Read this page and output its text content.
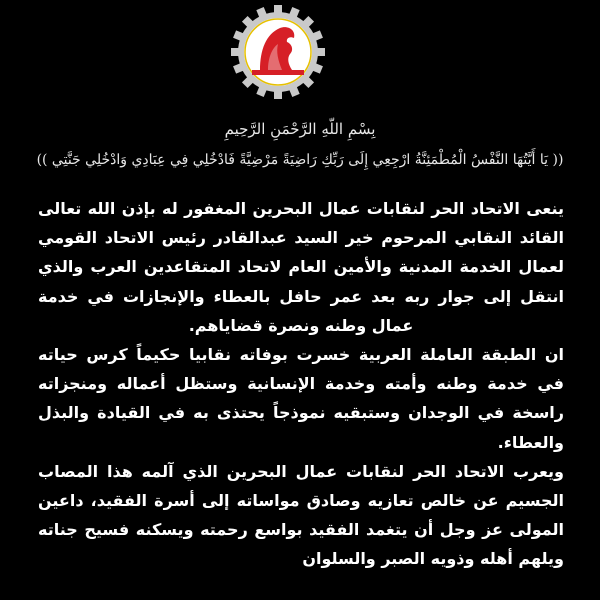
بِسْمِ اللّهِ الرَّحْمَنِ الرَّحِيمِ
(( يَا أَيَّتُهَا النَّفْسُ الْمُطْمَئِنَّةُ ارْجِعِي إِلَى رَبِّكِ رَاضِيَةً مَرْضِيَّةً فَادْخُلِي فِي عِبَادِي وَادْخُلِي جَنَّتِي ))

ينعى الاتحاد الحر لنقابات عمال البحرين المغفور له بإذن الله تعالى القائد النقابي المرحوم خير السيد عبدالقادر رئيس الاتحاد القومي لعمال الخدمة المدنية والأمين العام لاتحاد المتقاعدين العرب والذي انتقل إلى جوار ربه بعد عمر حافل بالعطاء والإنجازات في خدمة عمال وطنه ونصرة قضاياهم.

ان الطبقة العاملة العربية خسرت بوفاته نقابيا حكيماً كرس حياته في خدمة وطنه وأمته وخدمة الإنسانية وستظل أعماله ومنجزاته راسخة في الوجدان وستبقيه نموذجاً يحتذى به في القيادة والبذل والعطاء.

ويعرب الاتحاد الحر لنقابات عمال البحرين الذي آلمه هذا المصاب الجسيم عن خالص تعازيه وصادق مواساته إلى أسرة الفقيد، داعين المولى عز وجل أن يتغمد الفقيد بواسع رحمته ويسكنه فسيح جناته ويلهم أهله وذويه الصبر والسلوان
